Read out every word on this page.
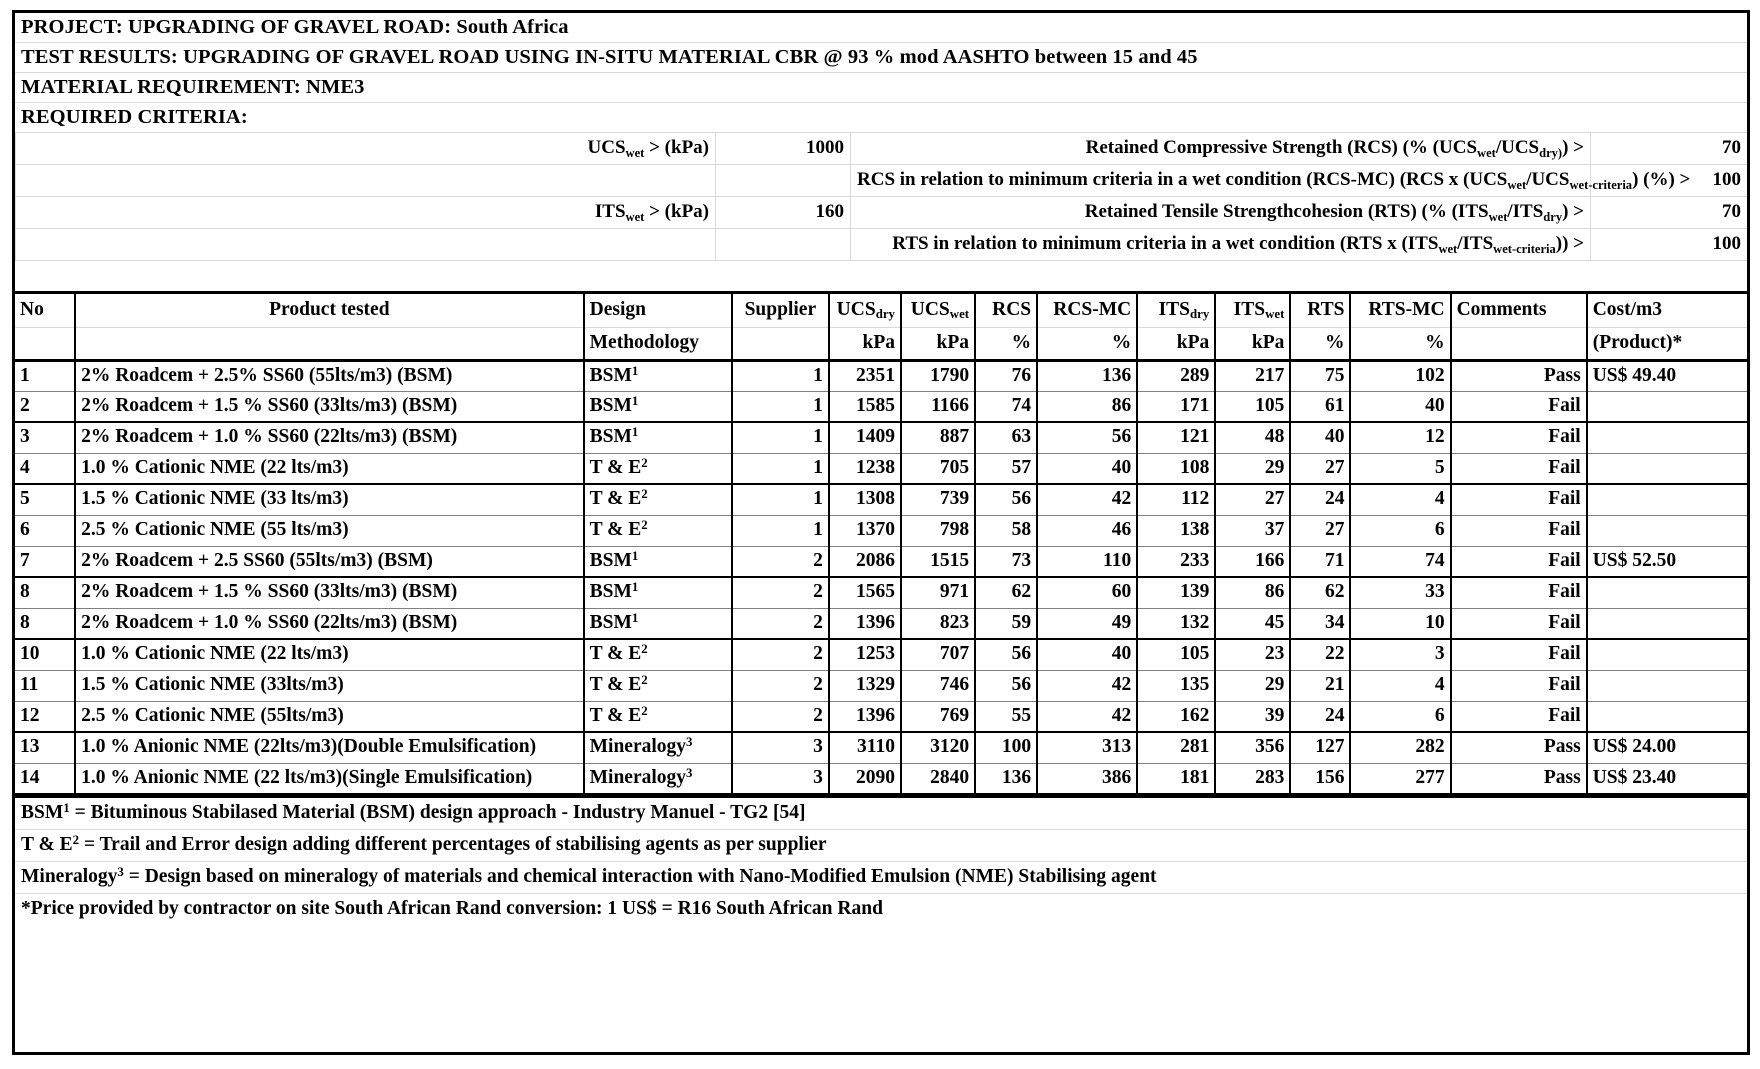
PROJECT: UPGRADING OF GRAVEL ROAD: South Africa
TEST RESULTS: UPGRADING OF GRAVEL ROAD USING IN-SITU MATERIAL CBR @ 93 % mod AASHTO between 15 and 45
MATERIAL REQUIREMENT: NME3
REQUIRED CRITERIA:
$UCS_{wet} > (kPa)$	1000	Retained Compressive Strength (RCS) (% $(UCS_{wet}/UCS_{dry)})$ >	70
		RCS in relation to minimum criteria in a wet condition (RCS-MC) (RCS x $(UCS_{wet}/UCS_{wet-criteria})$ (%) >	100
$ITS_{wet} > (kPa)$	160	Retained Tensile Strengthcohesion (RTS) (% $(ITS_{wet}/ITS_{dry})$ >	70
		RTS in relation to minimum criteria in a wet condition (RTS x $(ITS_{wet}/ITS_{wet-criteria})$) >	100

No	Product tested	Design	Supplier	$UCS_{dry}$	$UCS_{wet}$	RCS	RCS-MC	$ITS_{dry}$	$ITS_{wet}$	RTS	RTS-MC	Comments	Cost/m3
		Methodology		kPa	kPa	%	%	kPa	kPa	%	%		(Product)*
1	2% Roadcem + 2.5% SS60 (55lts/m3) (BSM)	BSM$^1$	1	2351	1790	76	136	289	217	75	102	Pass	US$ 49.40
2	2% Roadcem + 1.5 % SS60 (33lts/m3) (BSM)	BSM$^1$	1	1585	1166	74	86	171	105	61	40	Fail	
3	2% Roadcem + 1.0 % SS60 (22lts/m3) (BSM)	BSM$^1$	1	1409	887	63	56	121	48	40	12	Fail	
4	1.0 % Cationic NME (22 lts/m3)	T & $E^2$	1	1238	705	57	40	108	29	27	5	Fail	
5	1.5 % Cationic NME (33 lts/m3)	T & $E^2$	1	1308	739	56	42	112	27	24	4	Fail	
6	2.5 % Cationic NME (55 lts/m3)	T & $E^2$	1	1370	798	58	46	138	37	27	6	Fail	
7	2% Roadcem + 2.5 SS60 (55lts/m3) (BSM)	BSM$^1$	2	2086	1515	73	110	233	166	71	74	Fail	US$ 52.50
8	2% Roadcem + 1.5 % SS60 (33lts/m3) (BSM)	BSM$^1$	2	1565	971	62	60	139	86	62	33	Fail	
8	2% Roadcem + 1.0 % SS60 (22lts/m3) (BSM)	BSM$^1$	2	1396	823	59	49	132	45	34	10	Fail	
10	1.0 % Cationic NME (22 lts/m3)	T & $E^2$	2	1253	707	56	40	105	23	22	3	Fail	
11	1.5 % Cationic NME (33lts/m3)	T & $E^2$	2	1329	746	56	42	135	29	21	4	Fail	
12	2.5 % Cationic NME (55lts/m3)	T & $E^2$	2	1396	769	55	42	162	39	24	6	Fail	
13	1.0 % Anionic NME (22lts/m3)(Double Emulsification)	Mineralogy$^3$	3	3110	3120	100	313	281	356	127	282	Pass	US$ 24.00
14	1.0 % Anionic NME (22 lts/m3)(Single Emulsification)	Mineralogy$^3$	3	2090	2840	136	386	181	283	156	277	Pass	US$ 23.40
$BSM^1$ = Bituminous Stabilased Material (BSM) design approach - Industry Manuel - TG2 [54]
T & $E^2$ = Trail and Error design adding different percentages of stabilising agents as per supplier
Mineralogy$^3$ = Design based on mineralogy of materials and chemical interaction with Nano-Modified Emulsion (NME) Stabilising agent
*Price provided by contractor on site South African Rand conversion: 1 US$ = R16 South African Rand
